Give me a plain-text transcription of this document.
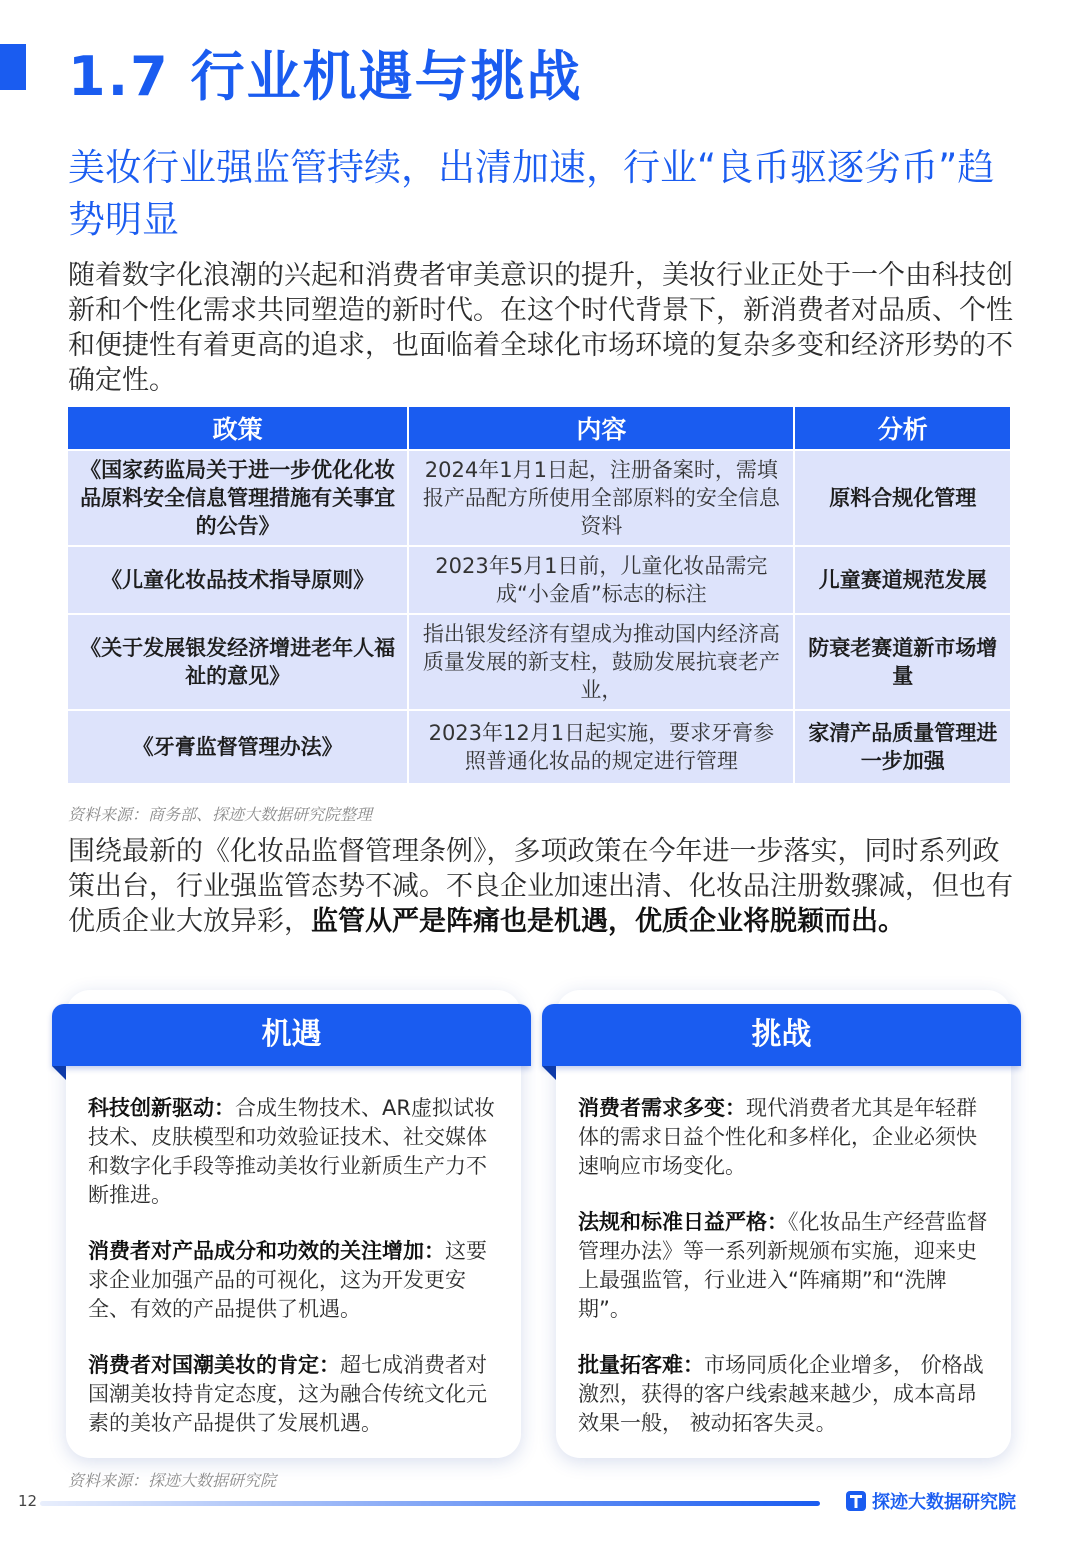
1.7 行业机遇与挑战
美妆行业强监管持续，出清加速，行业“良币驱逐劣币”趋势明显

随着数字化浪潮的兴起和消费者审美意识的提升，美妆行业正处于一个由科技创新和个性化需求共同塑造的新时代。在这个时代背景下，新消费者对品质、个性和便捷性有着更高的追求，也面临着全球化市场环境的复杂多变和经济形势的不确定性。

政策	内容	分析
《国家药监局关于进一步优化化妆品原料安全信息管理措施有关事宜的公告》	2024年1月1日起，注册备案时，需填报产品配方所使用全部原料的安全信息资料	原料合规化管理
《儿童化妆品技术指导原则》	2023年5月1日前，儿童化妆品需完成“小金盾”标志的标注	儿童赛道规范发展
《关于发展银发经济增进老年人福祉的意见》	指出银发经济有望成为推动国内经济高质量发展的新支柱，鼓励发展抗衰老产业，	防衰老赛道新市场增量
《牙膏监督管理办法》	2023年12月1日起实施，要求牙膏参照普通化妆品的规定进行管理	家清产品质量管理进一步加强
资料来源：商务部、探迹大数据研究院整理

围绕最新的《化妆品监督管理条例》，多项政策在今年进一步落实，同时系列政策出台，行业强监管态势不减。不良企业加速出清、化妆品注册数骤减，但也有优质企业大放异彩，监管从严是阵痛也是机遇，优质企业将脱颖而出。

机遇

科技创新驱动：合成生物技术、AR虚拟试妆技术、皮肤模型和功效验证技术、社交媒体和数字化手段等推动美妆行业新质生产力不断推进。

消费者对产品成分和功效的关注增加：这要求企业加强产品的可视化，这为开发更安全、有效的产品提供了机遇。

消费者对国潮美妆的肯定：超七成消费者对国潮美妆持肯定态度，这为融合传统文化元素的美妆产品提供了发展机遇。

挑战

消费者需求多变：现代消费者尤其是年轻群体的需求日益个性化和多样化，企业必须快速响应市场变化。

法规和标准日益严格：《化妆品生产经营监督管理办法》等一系列新规颁布实施，迎来史上最强监管，行业进入“阵痛期”和“洗牌期”。

批量拓客难：市场同质化企业增多， 价格战 激烈，获得的客户线索越来越少，成本高昂效果一般， 被动拓客失灵。

资料来源：探迹大数据研究院
12	探迹大数据研究院
